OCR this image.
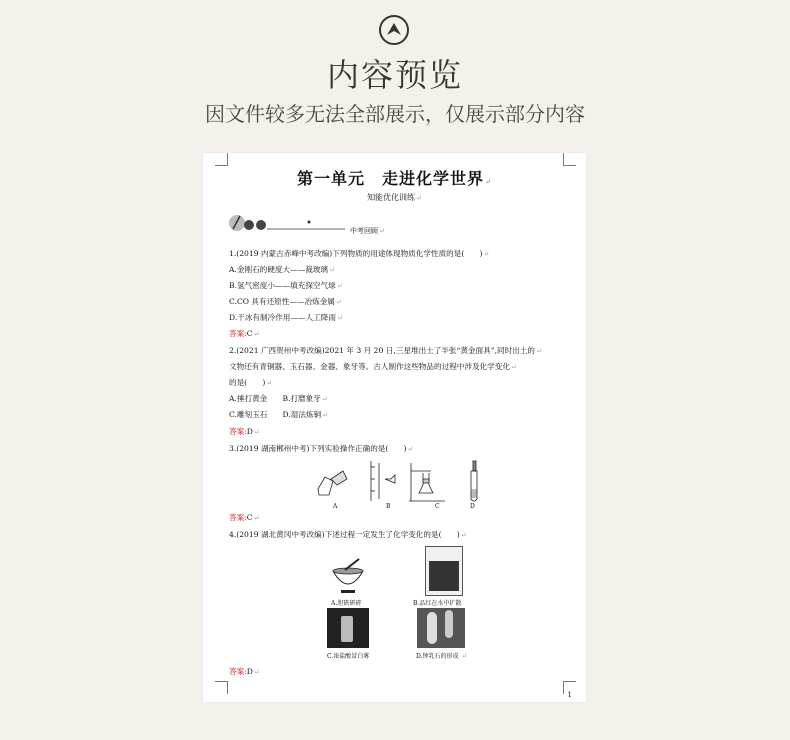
内容预览
因文件较多无法全部展示，仅展示部分内容
第一单元　走进化学世界↵
知能优化训练↵
中考回顾↵
1.(2019 内蒙古赤峰中考改编)下列物质的用途体现物质化学性质的是(　　)↵
A.金刚石的硬度大——裁玻璃↵
B.氢气密度小——填充探空气球↵
C.CO 具有还原性——冶炼金属↵
D.干冰有制冷作用——人工降雨↵
答案:C↵
2.(2021 广西贺州中考改编)2021 年 3 月 20 日,三星堆出土了半张“黄金面具”,同时出土的↵
文物还有青铜器、玉石器、金器、象牙等。古人制作这些物品的过程中涉及化学变化↵
的是(　　)↵
A.捶打黄金　　B.打磨象牙↵
C.雕刻玉石　　D.湿法炼铜↵
答案:D↵
3.(2019 湖南郴州中考)下列实验操作正确的是(　　)↵
A	B	C	D
答案:C↵
4.(2019 湖北黄冈中考改编)下述过程一定发生了化学变化的是(　　)↵
A.胆矾研碎	B.品红在水中扩散
C.浓盐酸冒白雾	D.钟乳石的形成 ↵
答案:D↵
1
